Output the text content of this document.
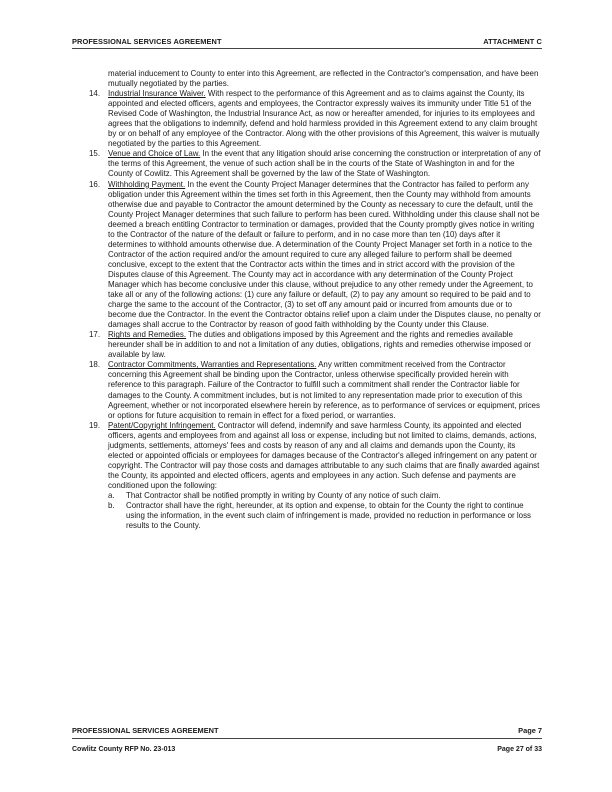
PROFESSIONAL SERVICES AGREEMENT	ATTACHMENT C

material inducement to County to enter into this Agreement, are reflected in the Contractor's compensation, and have been mutually negotiated by the parties.

14.	Industrial Insurance Waiver. With respect to the performance of this Agreement and as to claims against the County, its appointed and elected officers, agents and employees, the Contractor expressly waives its immunity under Title 51 of the Revised Code of Washington, the Industrial Insurance Act, as now or hereafter amended, for injuries to its employees and agrees that the obligations to indemnify, defend and hold harmless provided in this Agreement extend to any claim brought by or on behalf of any employee of the Contractor. Along with the other provisions of this Agreement, this waiver is mutually negotiated by the parties to this Agreement.
15.	Venue and Choice of Law. In the event that any litigation should arise concerning the construction or interpretation of any of the terms of this Agreement, the venue of such action shall be in the courts of the State of Washington in and for the County of Cowlitz. This Agreement shall be governed by the law of the State of Washington.
16.	Withholding Payment. In the event the County Project Manager determines that the Contractor has failed to perform any obligation under this Agreement within the times set forth in this Agreement, then the County may withhold from amounts otherwise due and payable to Contractor the amount determined by the County as necessary to cure the default, until the County Project Manager determines that such failure to perform has been cured. Withholding under this clause shall not be deemed a breach entitling Contractor to termination or damages, provided that the County promptly gives notice in writing to the Contractor of the nature of the default or failure to perform, and in no case more than ten (10) days after it determines to withhold amounts otherwise due. A determination of the County Project Manager set forth in a notice to the Contractor of the action required and/or the amount required to cure any alleged failure to perform shall be deemed conclusive, except to the extent that the Contractor acts within the times and in strict accord with the provision of the Disputes clause of this Agreement. The County may act in accordance with any determination of the County Project Manager which has become conclusive under this clause, without prejudice to any other remedy under the Agreement, to take all or any of the following actions: (1) cure any failure or default, (2) to pay any amount so required to be paid and to charge the same to the account of the Contractor, (3) to set off any amount paid or incurred from amounts due or to become due the Contractor. In the event the Contractor obtains relief upon a claim under the Disputes clause, no penalty or damages shall accrue to the Contractor by reason of good faith withholding by the County under this Clause.
17.	Rights and Remedies. The duties and obligations imposed by this Agreement and the rights and remedies available hereunder shall be in addition to and not a limitation of any duties, obligations, rights and remedies otherwise imposed or available by law.
18.	Contractor Commitments, Warranties and Representations. Any written commitment received from the Contractor concerning this Agreement shall be binding upon the Contractor, unless otherwise specifically provided herein with reference to this paragraph. Failure of the Contractor to fulfill such a commitment shall render the Contractor liable for damages to the County. A commitment includes, but is not limited to any representation made prior to execution of this Agreement, whether or not incorporated elsewhere herein by reference, as to performance of services or equipment, prices or options for future acquisition to remain in effect for a fixed period, or warranties.
19.	Patent/Copyright Infringement. Contractor will defend, indemnify and save harmless County, its appointed and elected officers, agents and employees from and against all loss or expense, including but not limited to claims, demands, actions, judgments, settlements, attorneys' fees and costs by reason of any and all claims and demands upon the County, its elected or appointed officials or employees for damages because of the Contractor's alleged infringement on any patent or copyright. The Contractor will pay those costs and damages attributable to any such claims that are finally awarded against the County, its appointed and elected officers, agents and employees in any action. Such defense and payments are conditioned upon the following:
a.	That Contractor shall be notified promptly in writing by County of any notice of such claim.
b.	Contractor shall have the right, hereunder, at its option and expense, to obtain for the County the right to continue using the information, in the event such claim of infringement is made, provided no reduction in performance or loss results to the County.
PROFESSIONAL SERVICES AGREEMENT	Page 7
Cowlitz County RFP No. 23-013	Page 27 of 33
